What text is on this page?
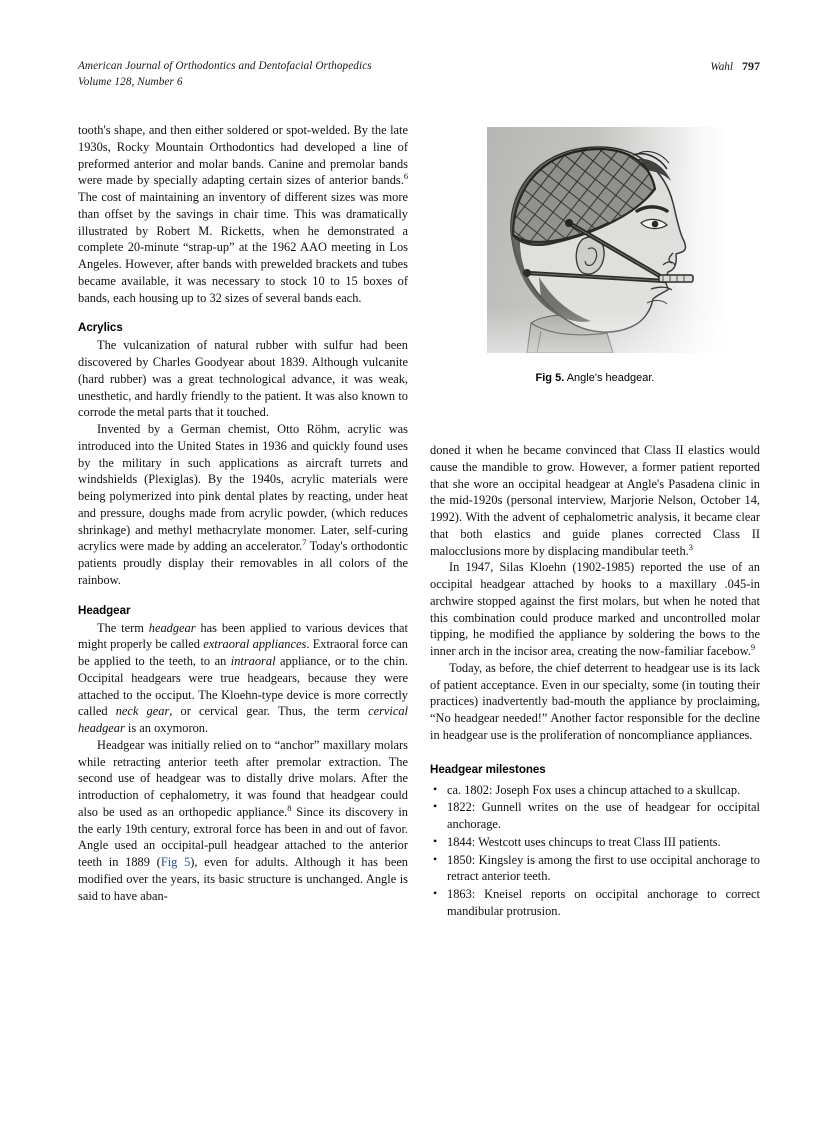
American Journal of Orthodontics and Dentofacial Orthopedics
Volume 128, Number 6
Wahl 797

tooth's shape, and then either soldered or spot-welded. By the late 1930s, Rocky Mountain Orthodontics had developed a line of preformed anterior and molar bands. Canine and premolar bands were made by specially adapting certain sizes of anterior bands.$^6$ The cost of maintaining an inventory of different sizes was more than offset by the savings in chair time. This was dramatically illustrated by Robert M. Ricketts, when he demonstrated a complete 20-minute “strap-up” at the 1962 AAO meeting in Los Angeles. However, after bands with prewelded brackets and tubes became available, it was necessary to stock 10 to 15 boxes of bands, each housing up to 32 sizes of several bands each.

Acrylics

The vulcanization of natural rubber with sulfur had been discovered by Charles Goodyear about 1839. Although vulcanite (hard rubber) was a great technological advance, it was weak, unesthetic, and hardly friendly to the patient. It was also known to corrode the metal parts that it touched.

Invented by a German chemist, Otto Röhm, acrylic was introduced into the United States in 1936 and quickly found uses by the military in such applications as aircraft turrets and windshields (Plexiglas). By the 1940s, acrylic materials were being polymerized into pink dental plates by reacting, under heat and pressure, doughs made from acrylic powder, (which reduces shrinkage) and methyl methacrylate monomer. Later, self-curing acrylics were made by adding an accelerator.$^7$ Today's orthodontic patients proudly display their removables in all colors of the rainbow.

Headgear

The term headgear has been applied to various devices that might properly be called extraoral appliances. Extraoral force can be applied to the teeth, to an intraoral appliance, or to the chin. Occipital headgears were true headgears, because they were attached to the occiput. The Kloehn-type device is more correctly called neck gear, or cervical gear. Thus, the term cervical headgear is an oxymoron.

Headgear was initially relied on to “anchor” maxillary molars while retracting anterior teeth after premolar extraction. The second use of headgear was to distally drive molars. After the introduction of cephalometry, it was found that headgear could also be used as an orthopedic appliance.$^8$ Since its discovery in the early 19th century, extroral force has been in and out of favor. Angle used an occipital-pull headgear attached to the anterior teeth in 1889 (Fig 5), even for adults. Although it has been modified over the years, its basic structure is unchanged. Angle is said to have aban-

Fig 5. Angle's headgear.

doned it when he became convinced that Class II elastics would cause the mandible to grow. However, a former patient reported that she wore an occipital headgear at Angle's Pasadena clinic in the mid-1920s (personal interview, Marjorie Nelson, October 14, 1992). With the advent of cephalometric analysis, it became clear that both elastics and guide planes corrected Class II malocclusions more by displacing mandibular teeth.$^3$

In 1947, Silas Kloehn (1902-1985) reported the use of an occipital headgear attached by hooks to a maxillary .045-in archwire stopped against the first molars, but when he noted that this combination could produce marked and uncontrolled molar tipping, he modified the appliance by soldering the bows to the inner arch in the incisor area, creating the now-familiar facebow.$^9$

Today, as before, the chief deterrent to headgear use is its lack of patient acceptance. Even in our specialty, some (in touting their practices) inadvertently bad-mouth the appliance by proclaiming, “No headgear needed!” Another factor responsible for the decline in headgear use is the proliferation of noncompliance appliances.

Headgear milestones
• ca. 1802: Joseph Fox uses a chincup attached to a skullcap.
• 1822: Gunnell writes on the use of headgear for occipital anchorage.
• 1844: Westcott uses chincups to treat Class III patients.
• 1850: Kingsley is among the first to use occipital anchorage to retract anterior teeth.
• 1863: Kneisel reports on occipital anchorage to correct mandibular protrusion.
